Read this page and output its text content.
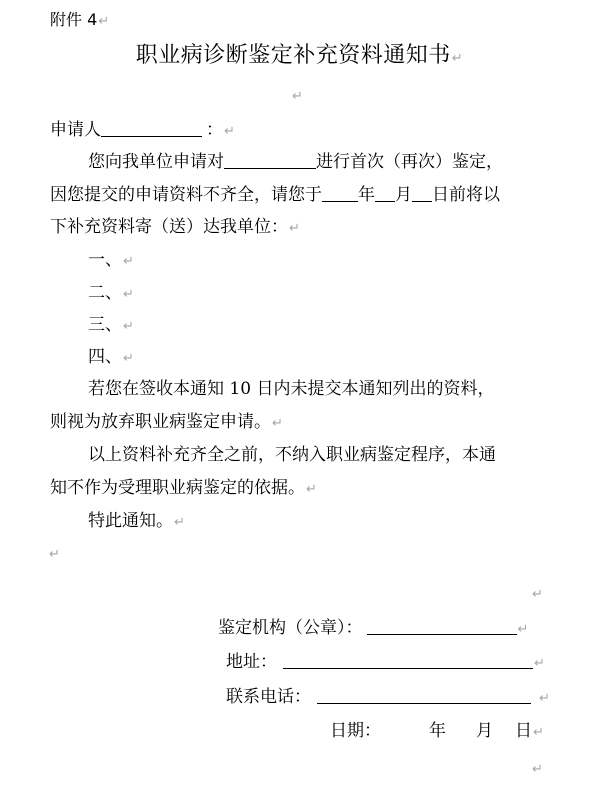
附件 4↵
职业病诊断鉴定补充资料通知书↵
↵
申请人	：↵
您向我单位申请对	进行首次（再次）鉴定，
因您提交的申请资料不齐全，请您于 年 月 日前将以
下补充资料寄（送）达我单位：↵
一、↵
二、↵
三、↵
四、↵
若您在签收本通知 10 日内未提交本通知列出的资料，
则视为放弃职业病鉴定申请。↵
以上资料补充齐全之前，不纳入职业病鉴定程序，本通
知不作为受理职业病鉴定的依据。↵
特此通知。↵
↵
↵
鉴定机构（公章）：	↵
地址：	↵
联系电话：	↵
日期：	年 月 日↵
↵
